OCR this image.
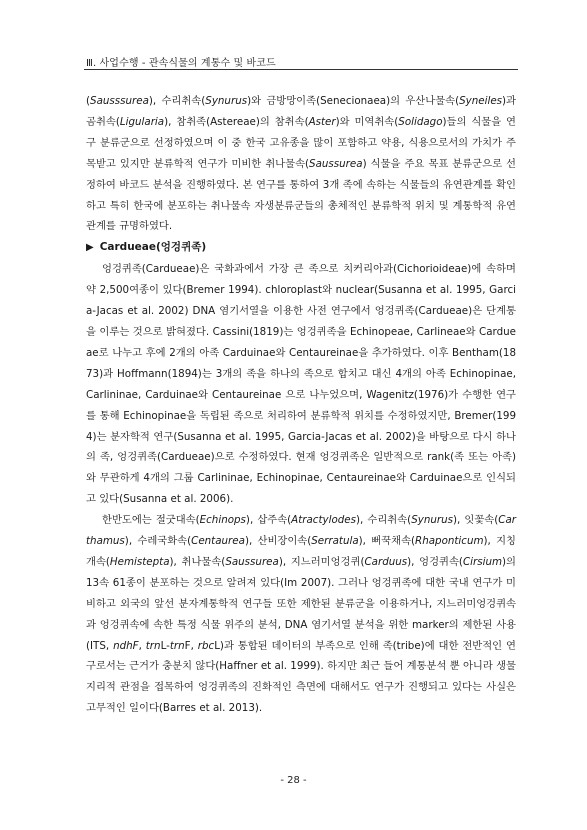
Ⅲ. 사업수행 - 관속식물의 계통수 및 바코드

(Sausssurea), 수리취속(Synurus)와 금방망이족(Senecionaea)의 우산나물속(Syneiles)과 곰취속(Ligularia), 참취족(Astereae)의 참취속(Aster)와 미역취속(Solidago)들의 식물을 연구 분류군으로 선정하였으며 이 중 한국 고유종을 많이 포함하고 약용, 식용으로서의 가치가 주목받고 있지만 분류학적 연구가 미비한 취나물속(Saussurea) 식물을 주요 목표 분류군으로 선정하여 바코드 분석을 진행하였다. 본 연구를 통하여 3개 족에 속하는 식물들의 유연관계를 확인하고 특히 한국에 분포하는 취나물속 자생분류군들의 총체적인 분류학적 위치 및 계통학적 유연관계를 규명하였다.

▶ Cardueae(엉겅퀴족)

엉겅퀴족(Cardueae)은 국화과에서 가장 큰 족으로 치커리아과(Cichorioideae)에 속하며 약 2,500여종이 있다(Bremer 1994). chloroplast와 nuclear(Susanna et al. 1995, Garcia-Jacas et al. 2002) DNA 염기서열을 이용한 사전 연구에서 엉겅퀴족(Cardueae)은 단계통을 이루는 것으로 밝혀졌다. Cassini(1819)는 엉겅퀴족을 Echinopeae, Carlineae와 Cardueae로 나누고 후에 2개의 아족 Carduinae와 Centaureinae을 추가하였다. 이후 Bentham(1873)과 Hoffmann(1894)는 3개의 족을 하나의 족으로 합치고 대신 4개의 아족 Echinopinae, Carlininae, Carduinae와 Centaureinae 으로 나누었으며, Wagenitz(1976)가 수행한 연구를 통해 Echinopinae을 독립된 족으로 처리하여 분류학적 위치를 수정하였지만, Bremer(1994)는 분자학적 연구(Susanna et al. 1995, Garcia-Jacas et al. 2002)을 바탕으로 다시 하나의 족, 엉겅퀴족(Cardueae)으로 수정하였다. 현재 엉겅퀴족은 일반적으로 rank(족 또는 아족)와 무관하게 4개의 그룹 Carlininae, Echinopinae, Centaureinae와 Carduinae으로 인식되고 있다(Susanna et al. 2006).

한반도에는 절굿대속(Echinops), 삽주속(Atractylodes), 수리취속(Synurus), 잇꽃속(Carthamus), 수레국화속(Centaurea), 산비장이속(Serratula), 뻐꾹채속(Rhaponticum), 지칭개속(Hemistepta), 취나물속(Saussurea), 지느러미엉겅퀴(Carduus), 엉겅퀴속(Cirsium)의 13속 61종이 분포하는 것으로 알려져 있다(Im 2007). 그러나 엉겅퀴족에 대한 국내 연구가 미비하고 외국의 앞선 분자계통학적 연구들 또한 제한된 분류군을 이용하거나, 지느러미엉겅퀴속과 엉겅퀴속에 속한 특정 식물 위주의 분석, DNA 염기서열 분석을 위한 marker의 제한된 사용(ITS, ndhF, trnL-trnF, rbcL)과 통합된 데이터의 부족으로 인해 족(tribe)에 대한 전반적인 연구로서는 근거가 충분치 않다(Haffner et al. 1999). 하지만 최근 들어 계통분석 뿐 아니라 생물지리적 관점을 접목하여 엉겅퀴족의 진화적인 측면에 대해서도 연구가 진행되고 있다는 사실은 고무적인 일이다(Barres et al. 2013).

- 28 -
